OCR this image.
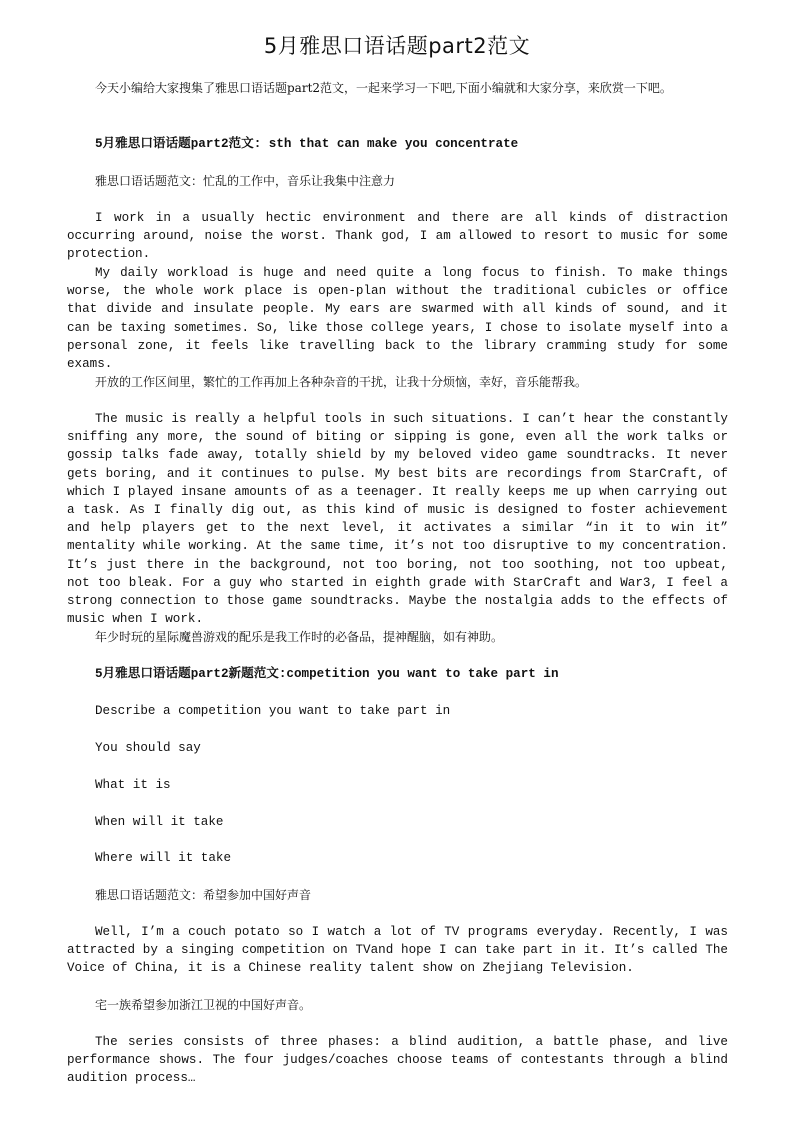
5月雅思口语话题part2范文

今天小编给大家搜集了雅思口语话题part2范文，一起来学习一下吧,下面小编就和大家分享，来欣赏一下吧。

5月雅思口语话题part2范文: sth that can make you concentrate

雅思口语话题范文：忙乱的工作中，音乐让我集中注意力

I work in a usually hectic environment and there are all kinds of distraction occurring around, noise the worst. Thank god, I am allowed to resort to music for some protection.

My daily workload is huge and need quite a long focus to finish. To make things worse, the whole work place is open-plan without the traditional cubicles or office that divide and insulate people. My ears are swarmed with all kinds of sound, and it can be taxing sometimes. So, like those college years, I chose to isolate myself into a personal zone, it feels like travelling back to the library cramming study for some exams.

开放的工作区间里，繁忙的工作再加上各种杂音的干扰，让我十分烦恼，幸好，音乐能帮我。

The music is really a helpful tools in such situations. I can’t hear the constantly sniffing any more, the sound of biting or sipping is gone, even all the work talks or gossip talks fade away, totally shield by my beloved video game soundtracks. It never gets boring, and it continues to pulse. My best bits are recordings from StarCraft, of which I played insane amounts of as a teenager. It really keeps me up when carrying out a task. As I finally dig out, as this kind of music is designed to foster achievement and help players get to the next level, it activates a similar “in it to win it” mentality while working. At the same time, it’s not too disruptive to my concentration. It’s just there in the background, not too boring, not too soothing, not too upbeat, not too bleak. For a guy who started in eighth grade with StarCraft and War3, I feel a strong connection to those game soundtracks. Maybe the nostalgia adds to the effects of music when I work.

年少时玩的星际魔兽游戏的配乐是我工作时的必备品，提神醒脑，如有神助。

5月雅思口语话题part2新题范文:competition you want to take part in

Describe a competition you want to take part in

You should say

What it is

When will it take

Where will it take

雅思口语话题范文：希望参加中国好声音

Well, I’m a couch potato so I watch a lot of TV programs everyday. Recently, I was attracted by a singing competition on TVand hope I can take part in it. It’s called The Voice of China, it is a Chinese reality talent show on Zhejiang Television.

宅一族希望参加浙江卫视的中国好声音。

The series consists of three phases: a blind audition, a battle phase, and live performance shows. The four judges/coaches choose teams of contestants through a blind audition process…
